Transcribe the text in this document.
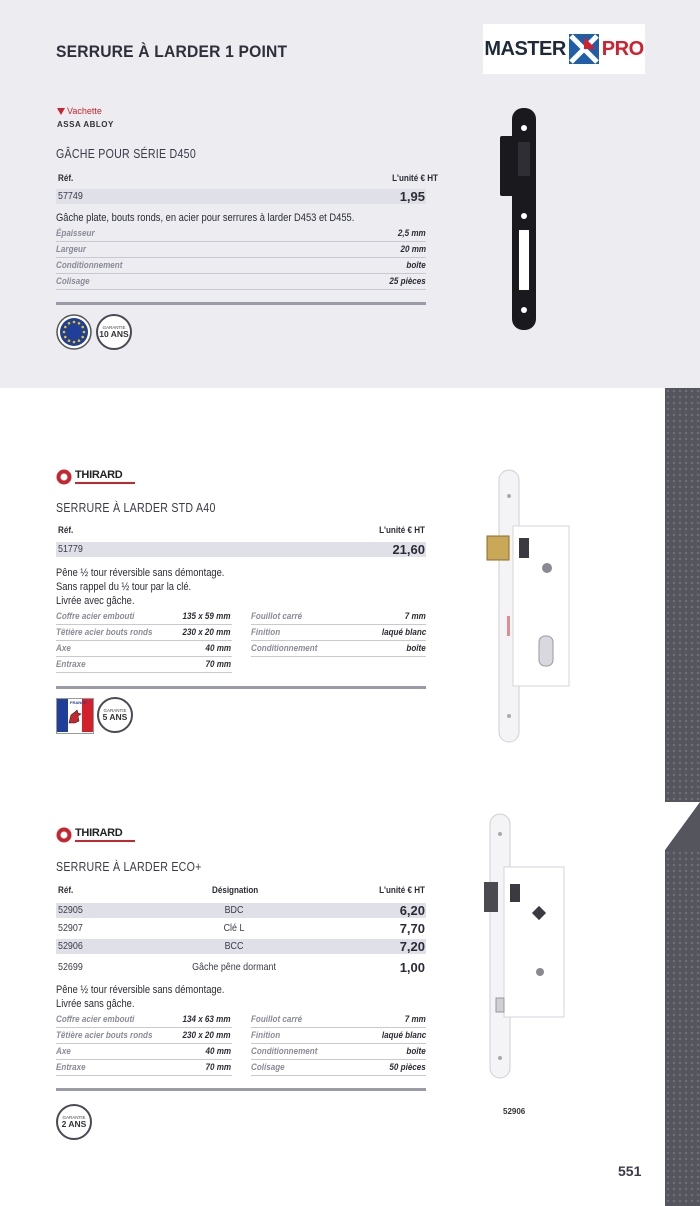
SERRURE À LARDER 1 POINT	MASTER PRO
Vachette
ASSA ABLOY
GÂCHE POUR SÉRIE D450
Réf.	L'unité € HT
57749	1,95
Gâche plate, bouts ronds, en acier pour serrures à larder D453 et D455.
Épaisseur	2,5 mm
Largeur	20 mm
Conditionnement	boîte
Colisage	25 pièces
GARANTIE
10 ANS
THIRARD
SERRURE À LARDER STD A40
Réf.	L'unité € HT
51779	21,60
Pêne ½ tour réversible sans démontage.
Sans rappel du ½ tour par la clé.
Livrée avec gâche.
Coffre acier embouti	135 x 59 mm
Têtière acier bouts ronds	230 x 20 mm
Axe	40 mm
Entraxe	70 mm
Fouillot carré	7 mm
Finition	laqué blanc
Conditionnement	boîte
FRANCE
GARANTIE
5 ANS
THIRARD
SERRURE À LARDER ECO+
Réf.	Désignation	L'unité € HT
52905	BDC	6,20
52907	Clé L	7,70
52906	BCC	7,20
52699	Gâche pêne dormant	1,00
Pêne ½ tour réversible sans démontage.
Livrée sans gâche.
Coffre acier embouti	134 x 63 mm
Têtière acier bouts ronds	230 x 20 mm
Axe	40 mm
Entraxe	70 mm
Fouillot carré	7 mm
Finition	laqué blanc
Conditionnement	boîte
Colisage	50 pièces
GARANTIE
2 ANS
52906
551
